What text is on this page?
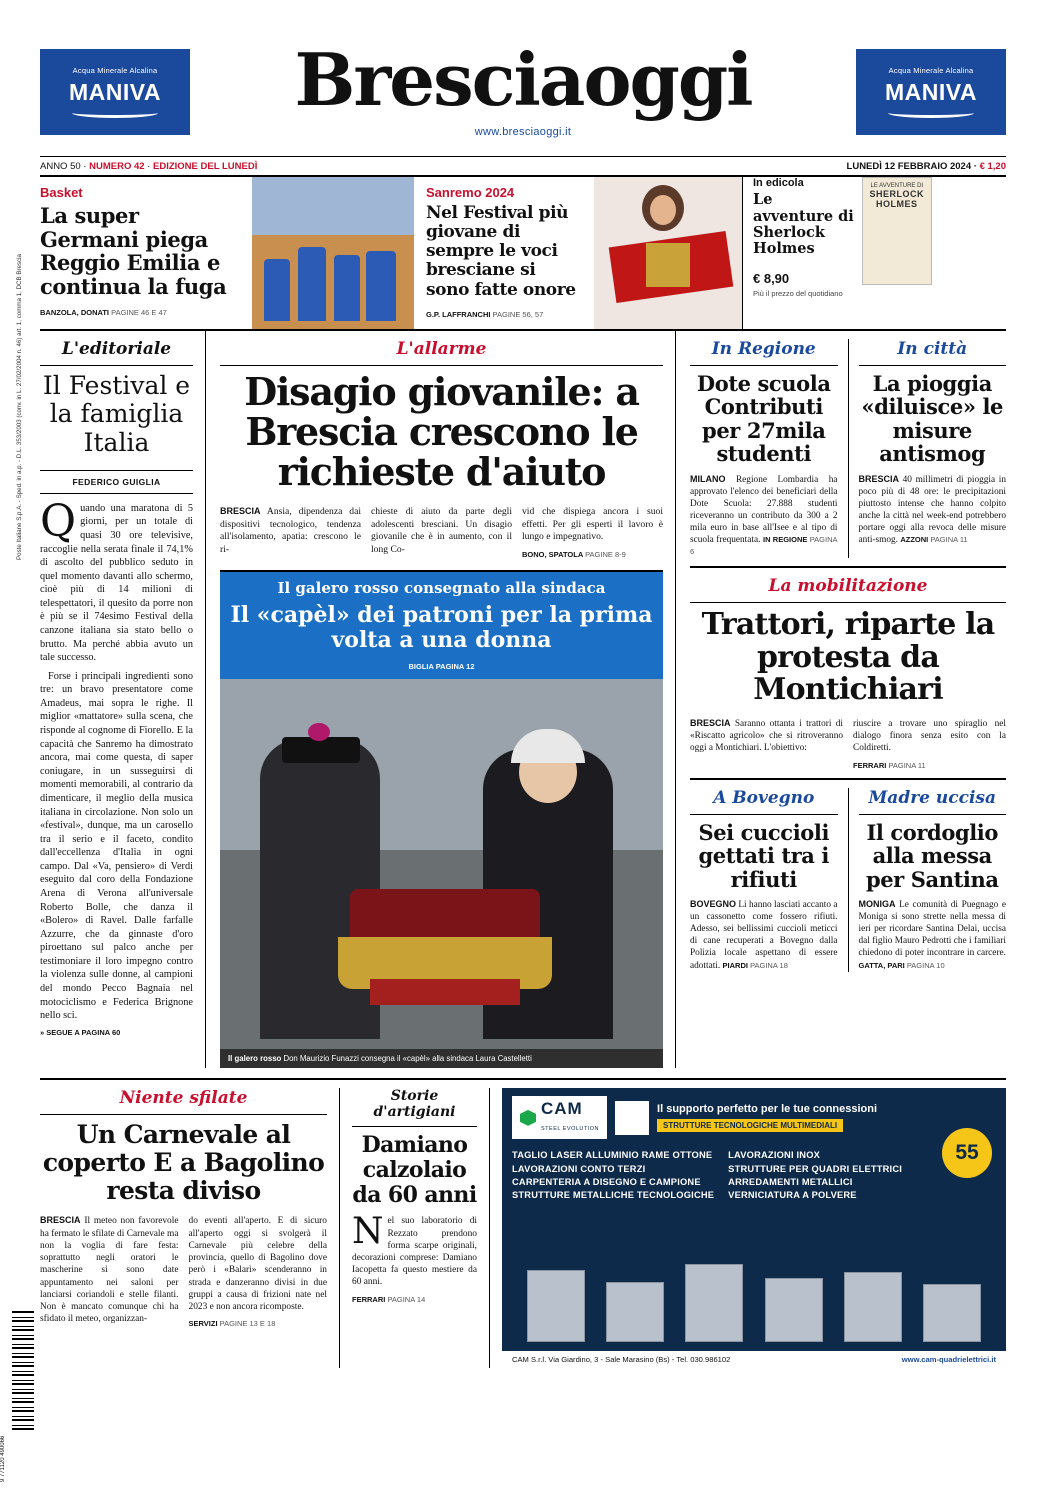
Poste Italiane S.p.A. - Sped. in a.p. - D.L. 353/2003 (conv. in L. 27/02/2004 n. 46) art. 1, comma 1, DCB Brescia
9 771120 490066
Acqua Minerale Alcalina
MANIVA	Bresciaoggi
www.bresciaoggi.it
Acqua Minerale Alcalina
MANIVA
ANNO 50 · NUMERO 42 · EDIZIONE DEL LUNEDÌ	LUNEDÌ 12 FEBBRAIO 2024 · € 1,20
Basket
La super Germani piega Reggio Emilia e continua la fuga
BANZOLA, DONATI PAGINE 46 E 47
Sanremo 2024
Nel Festival più giovane di sempre le voci bresciane si sono fatte onore
G.P. LAFFRANCHI PAGINE 56, 57
In edicola
Le avventure di Sherlock Holmes
€ 8,90
Più il prezzo del quotidiano
LE AVVENTURE DI
SHERLOCK HOLMES
L'editoriale
Il Festival e la famiglia Italia
FEDERICO GUIGLIA

Quando una maratona di 5 giorni, per un totale di quasi 30 ore televisive, raccoglie nella serata finale il 74,1% di ascolto del pubblico seduto in quel momento davanti allo schermo, cioè più di 14 milioni di telespettatori, il quesito da porre non è più se il 74esimo Festival della canzone italiana sia stato bello o brutto. Ma perché abbia avuto un tale successo.

Forse i principali ingredienti sono tre: un bravo presentatore come Amadeus, mai sopra le righe. Il miglior «mattatore» sulla scena, che risponde al cognome di Fiorello. E la capacità che Sanremo ha dimostrato ancora, mai come questa, di saper coniugare, in un susseguirsi di momenti memorabili, al contrario da dimenticare, il meglio della musica italiana in circolazione. Non solo un «festival», dunque, ma un carosello tra il serio e il faceto, condito dall'eccellenza d'Italia in ogni campo. Dal «Va, pensiero» di Verdi eseguito dal coro della Fondazione Arena di Verona all'universale Roberto Bolle, che danza il «Bolero» di Ravel. Dalle farfalle Azzurre, che da ginnaste d'oro piroettano sul palco anche per testimoniare il loro impegno contro la violenza sulle donne, al campioni del mondo Pecco Bagnaia nel motociclismo e Federica Brignone nello sci.

» SEGUE A PAGINA 60
L'allarme
Disagio giovanile: a Brescia crescono le richieste d'aiuto
BRESCIA Ansia, dipendenza dai dispositivi tecnologico, tendenza all'isolamento, apatia: crescono le ri-
chieste di aiuto da parte degli adolescenti bresciani. Un disagio giovanile che è in aumento, con il long Co-
vid che dispiega ancora i suoi effetti. Per gli esperti il lavoro è lungo e impegnativo.
BONO, SPATOLA PAGINE 8-9
Il galero rosso consegnato alla sindaca
Il «capèl» dei patroni per la prima volta a una donna
BIGLIA PAGINA 12
Il galero rosso Don Maurizio Funazzi consegna il «capèl» alla sindaca Laura Castelletti
In Regione
Dote scuola Contributi per 27mila studenti
MILANO Regione Lombardia ha approvato l'elenco dei beneficiari della Dote Scuola: 27.888 studenti riceveranno un contributo da 300 a 2 mila euro in base all'Isee e al tipo di scuola frequentata. IN REGIONE PAGINA 6
In città
La pioggia «diluisce» le misure antismog
BRESCIA 40 millimetri di pioggia in poco più di 48 ore: le precipitazioni piuttosto intense che hanno colpito anche la città nel week-end potrebbero portare oggi alla revoca delle misure anti-smog. AZZONI PAGINA 11
La mobilitazione
Trattori, riparte la protesta da Montichiari
BRESCIA Saranno ottanta i trattori di «Riscatto agricolo» che si ritroveranno oggi a Montichiari. L'obiettivo:
riuscire a trovare uno spiraglio nel dialogo finora senza esito con la Coldiretti.
FERRARI PAGINA 11
A Bovegno
Sei cuccioli gettati tra i rifiuti
BOVEGNO Li hanno lasciati accanto a un cassonetto come fossero rifiuti. Adesso, sei bellissimi cuccioli meticci di cane recuperati a Bovegno dalla Polizia locale aspettano di essere adottati. PIARDI PAGINA 18
Madre uccisa
Il cordoglio alla messa per Santina
MONIGA Le comunità di Puegnago e Moniga si sono strette nella messa di ieri per ricordare Santina Delai, uccisa dal figlio Mauro Pedrotti che i familiari chiedono di poter incontrare in carcere. GATTA, PARI PAGINA 10
Niente sfilate
Un Carnevale al coperto E a Bagolino resta diviso
BRESCIA Il meteo non favorevole ha fermato le sfilate di Carnevale ma non la voglia di fare festa: soprattutto negli oratori le mascherine si sono date appuntamento nei saloni per lanciarsi coriandoli e stelle filanti. Non è mancato comunque chi ha sfidato il meteo, organizzan-
do eventi all'aperto. E di sicuro all'aperto oggi si svolgerà il Carnevale più celebre della provincia, quello di Bagolino dove però i «Balarì» scenderanno in strada e danzeranno divisi in due gruppi a causa di frizioni nate nel 2023 e non ancora ricomposte.
SERVIZI PAGINE 13 E 18
Storie d'artigiani
Damiano calzolaio da 60 anni
Nel suo laboratorio di Rezzato prendono forma scarpe originali, decorazioni comprese: Damiano Iacopetta fa questo mestiere da 60 anni.
FERRARI PAGINA 14
CAM
STEEL EVOLUTION
Il supporto perfetto per le tue connessioni
STRUTTURE TECNOLOGICHE MULTIMEDIALI
55
TAGLIO LASER ALLUMINIO RAME OTTONE
LAVORAZIONI CONTO TERZI
CARPENTERIA A DISEGNO E CAMPIONE
STRUTTURE METALLICHE TECNOLOGICHE
LAVORAZIONI INOX
STRUTTURE PER QUADRI ELETTRICI
ARREDAMENTI METALLICI
VERNICIATURA A POLVERE
CAM S.r.l. Via Giardino, 3 - Sale Marasino (Bs) - Tel. 030.986102	www.cam-quadrielettrici.it
